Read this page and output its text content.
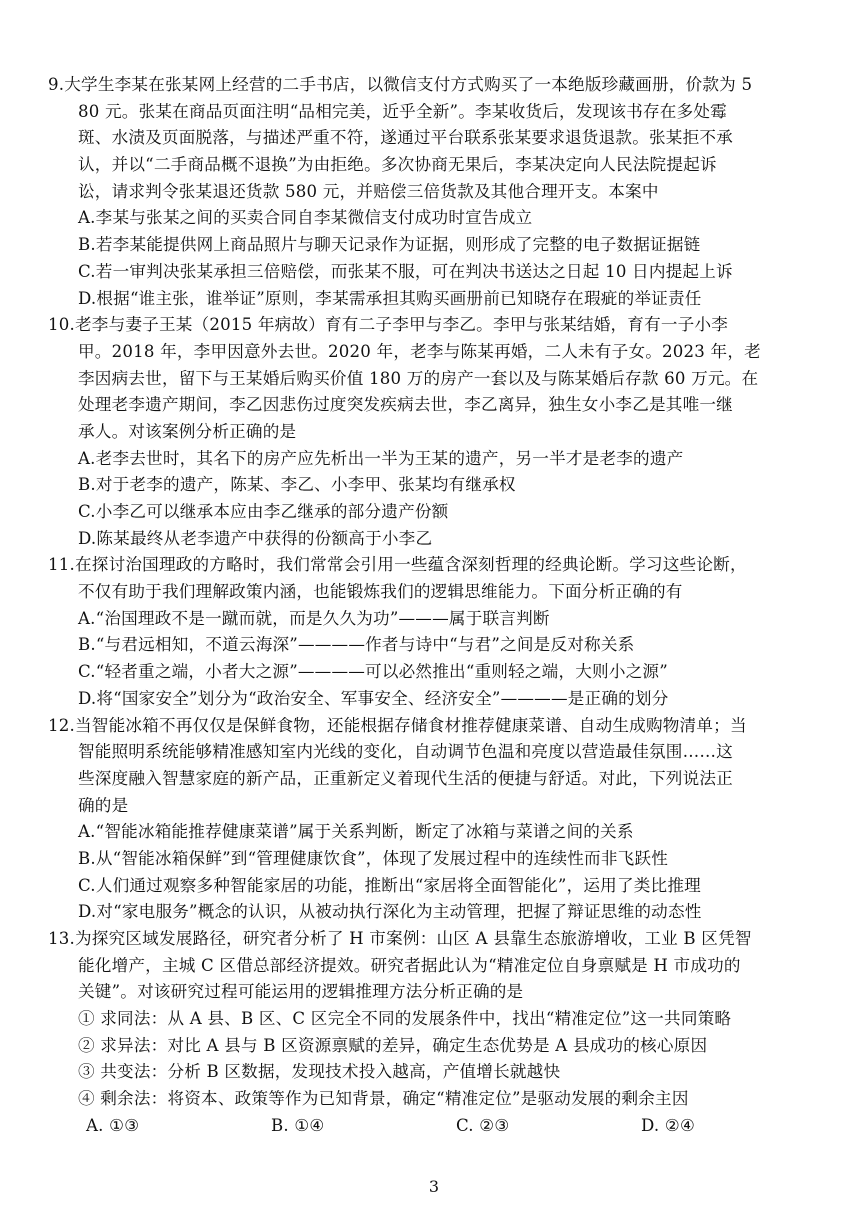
9.大学生李某在张某网上经营的二手书店，以微信支付方式购买了一本绝版珍藏画册，价款为 5
80 元。张某在商品页面注明“品相完美，近乎全新”。李某收货后，发现该书存在多处霉
斑、水渍及页面脱落，与描述严重不符，遂通过平台联系张某要求退货退款。张某拒不承
认，并以“二手商品概不退换”为由拒绝。多次协商无果后，李某决定向人民法院提起诉
讼，请求判令张某退还货款 580 元，并赔偿三倍货款及其他合理开支。本案中
A.李某与张某之间的买卖合同自李某微信支付成功时宣告成立
B.若李某能提供网上商品照片与聊天记录作为证据，则形成了完整的电子数据证据链
C.若一审判决张某承担三倍赔偿，而张某不服，可在判决书送达之日起 10 日内提起上诉
D.根据“谁主张，谁举证”原则，李某需承担其购买画册前已知晓存在瑕疵的举证责任
10.老李与妻子王某（2015 年病故）育有二子李甲与李乙。李甲与张某结婚，育有一子小李
甲。2018 年，李甲因意外去世。2020 年，老李与陈某再婚，二人未有子女。2023 年，老
李因病去世，留下与王某婚后购买价值 180 万的房产一套以及与陈某婚后存款 60 万元。在
处理老李遗产期间，李乙因悲伤过度突发疾病去世，李乙离异，独生女小李乙是其唯一继
承人。对该案例分析正确的是
A.老李去世时，其名下的房产应先析出一半为王某的遗产，另一半才是老李的遗产
B.对于老李的遗产，陈某、李乙、小李甲、张某均有继承权
C.小李乙可以继承本应由李乙继承的部分遗产份额
D.陈某最终从老李遗产中获得的份额高于小李乙
11.在探讨治国理政的方略时，我们常常会引用一些蕴含深刻哲理的经典论断。学习这些论断，
不仅有助于我们理解政策内涵，也能锻炼我们的逻辑思维能力。下面分析正确的有
A.“治国理政不是一蹴而就，而是久久为功”———属于联言判断
B.“与君远相知，不道云海深”————作者与诗中“与君”之间是反对称关系
C.“轻者重之端，小者大之源”————可以必然推出“重则轻之端，大则小之源”
D.将“国家安全”划分为“政治安全、军事安全、经济安全”————是正确的划分
12.当智能冰箱不再仅仅是保鲜食物，还能根据存储食材推荐健康菜谱、自动生成购物清单；当
智能照明系统能够精准感知室内光线的变化，自动调节色温和亮度以营造最佳氛围……这
些深度融入智慧家庭的新产品，正重新定义着现代生活的便捷与舒适。对此，下列说法正
确的是
A.“智能冰箱能推荐健康菜谱”属于关系判断，断定了冰箱与菜谱之间的关系
B.从“智能冰箱保鲜”到“管理健康饮食”，体现了发展过程中的连续性而非飞跃性
C.人们通过观察多种智能家居的功能，推断出“家居将全面智能化”，运用了类比推理
D.对“家电服务”概念的认识，从被动执行深化为主动管理，把握了辩证思维的动态性
13.为探究区域发展路径，研究者分析了 H 市案例：山区 A 县靠生态旅游增收，工业 B 区凭智
能化增产，主城 C 区借总部经济提效。研究者据此认为“精准定位自身禀赋是 H 市成功的
关键”。对该研究过程可能运用的逻辑推理方法分析正确的是
① 求同法：从 A 县、B 区、C 区完全不同的发展条件中，找出“精准定位”这一共同策略
② 求异法：对比 A 县与 B 区资源禀赋的差异，确定生态优势是 A 县成功的核心原因
③ 共变法：分析 B 区数据，发现技术投入越高，产值增长就越快
④ 剩余法：将资本、政策等作为已知背景，确定“精准定位”是驱动发展的剩余主因
A. ①③	B. ①④	C. ②③	D. ②④
3
